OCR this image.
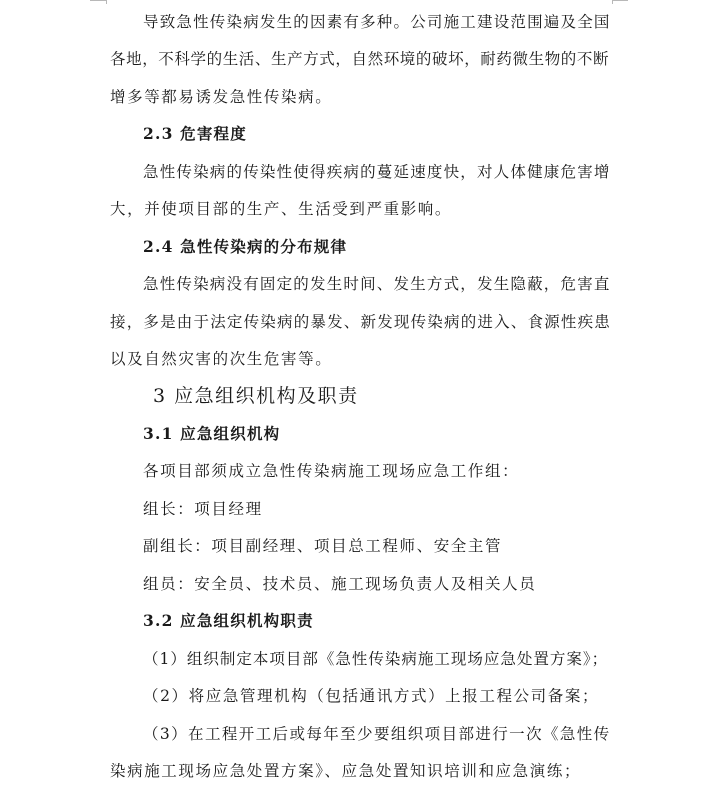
导致急性传染病发生的因素有多种。公司施工建设范围遍及全国
各地，不科学的生活、生产方式，自然环境的破坏，耐药微生物的不断
增多等都易诱发急性传染病。
2.3 危害程度
急性传染病的传染性使得疾病的蔓延速度快，对人体健康危害增
大，并使项目部的生产、生活受到严重影响。
2.4 急性传染病的分布规律
急性传染病没有固定的发生时间、发生方式，发生隐蔽，危害直
接，多是由于法定传染病的暴发、新发现传染病的进入、食源性疾患
以及自然灾害的次生危害等。
3 应急组织机构及职责
3.1 应急组织机构
各项目部须成立急性传染病施工现场应急工作组：
组长：项目经理
副组长：项目副经理、项目总工程师、安全主管
组员：安全员、技术员、施工现场负责人及相关人员
3.2 应急组织机构职责
（1）组织制定本项目部《急性传染病施工现场应急处置方案》；
（2）将应急管理机构（包括通讯方式）上报工程公司备案；
（3）在工程开工后或每年至少要组织项目部进行一次《急性传
染病施工现场应急处置方案》、应急处置知识培训和应急演练；
